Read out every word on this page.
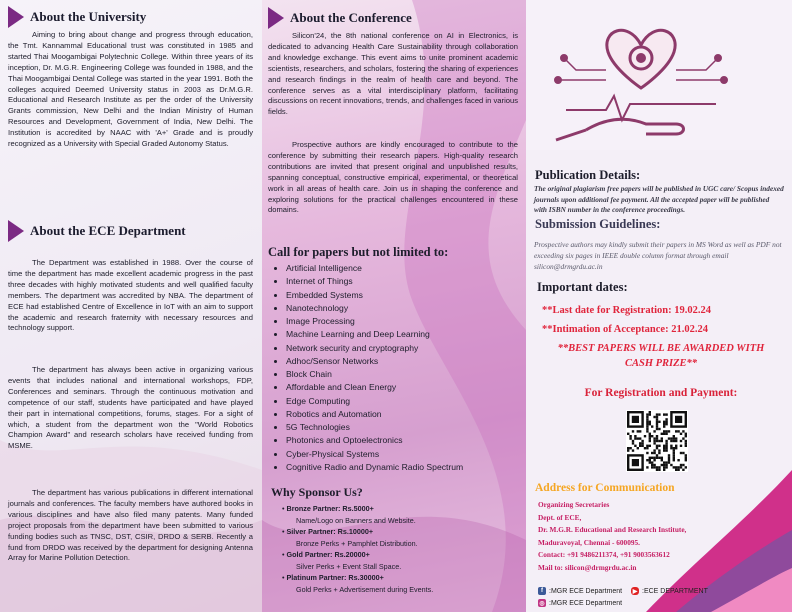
About the University

Aiming to bring about change and progress through education, the Tmt. Kannammal Educational trust was constituted in 1985 and started Thai Moogambigai Polytechnic College. Within three years of its inception, Dr. M.G.R. Engineering College was founded in 1988, and the Thai Moogambigai Dental College was started in the year 1991. Both the colleges acquired Deemed University status in 2003 as Dr.M.G.R. Educational and Research Institute as per the order of the University Grants commission, New Delhi and the Indian Ministry of Human Resources and Development, Government of India, New Delhi. The Institution is accredited by NAAC with 'A+' Grade and is proudly recognized as a University with Special Graded Autonomy Status.

About the ECE Department

The Department was established in 1988. Over the course of time the department has made excellent academic progress in the past three decades with highly motivated students and well qualified faculty members. The department was accredited by NBA. The department of ECE had established Centre of Excellence in IoT with an aim to support the academic and research fraternity with necessary resources and technology support.

The department has always been active in organizing various events that includes national and international workshops, FDP, Conferences and seminars. Through the continuous motivation and competence of our staff, students have participated and have played their part in international competitions, forums, stages. For a sight of which, a student from the department won the "World Robotics Champion Award" and research scholars have received funding from MSME.

The department has various publications in different international journals and conferences. The faculty members have authored books in various disciplines and have also filed many patents. Many funded project proposals from the department have been submitted to various funding bodies such as TNSC, DST, CSIR, DRDO & SERB. Recently a fund from DRDO was received by the department for designing Antenna Array for Marine Pollution Detection.

About the Conference

Silicon'24, the 8th national conference on AI in Electronics, is dedicated to advancing Health Care Sustainability through collaboration and knowledge exchange. This event aims to unite prominent academic scientists, researchers, and scholars, fostering the sharing of experiences and research findings in the realm of health care and beyond. The conference serves as a vital interdisciplinary platform, facilitating discussions on recent innovations, trends, and challenges faced in various fields.

Prospective authors are kindly encouraged to contribute to the conference by submitting their research papers. High-quality research contributions are invited that present original and unpublished results, spanning conceptual, constructive empirical, experimental, or theoretical work in all areas of health care. Join us in shaping the conference and exploring solutions for the practical challenges encountered in these domains.

Call for papers but not limited to:
• Artificial Intelligence
• Internet of Things
• Embedded Systems
• Nanotechnology
• Image Processing
• Machine Learning and Deep Learning
• Network security and cryptography
• Adhoc/Sensor Networks
• Block Chain
• Affordable and Clean Energy
• Edge Computing
• Robotics and Automation
• 5G Technologies
• Photonics and Optoelectronics
• Cyber-Physical Systems
• Cognitive Radio and Dynamic Radio Spectrum
Why Sponsor Us?
• Bronze Partner: Rs.5000+
Name/Logo on Banners and Website.
• Silver Partner: Rs.10000+
Bronze Perks + Pamphlet Distribution.
• Gold Partner: Rs.20000+
Silver Perks + Event Stall Space.
• Platinum Partner: Rs.30000+
Gold Perks + Advertisement during Events.
Publication Details:

The original plagiarism free papers will be published in UGC care/ Scopus indexed journals upon additional fee payment. All the accepted paper will be published with ISBN number in the conference proceedings.

Submission Guidelines:

Prospective authors may kindly submit their papers in MS Word as well as PDF not exceeding six pages in IEEE double column format through email silicon@drmgrdu.ac.in

Important dates:
**Last date for Registration: 19.02.24
**Intimation of Acceptance: 21.02.24
**BEST PAPERS WILL BE AWARDED WITH
CASH PRIZE**
For Registration and Payment:
Address for Communication

Organizing Secretaries

Dept. of ECE,

Dr. M.G.R. Educational and Research Institute,

Maduravoyal, Chennai - 600095.

Contact: +91 9486211374, +91 9003563612

Mail to: silicon@drmgrdu.ac.in

f :MGR ECE Department ▶ :ECE DEPARTMENT
◎ :MGR ECE Department
